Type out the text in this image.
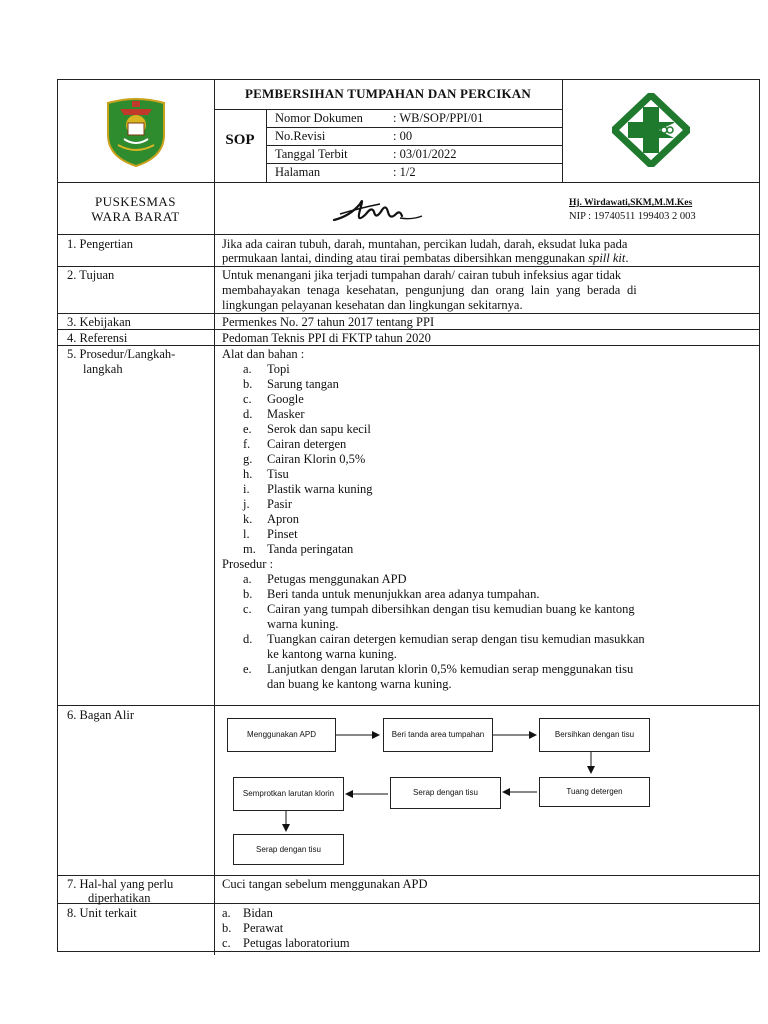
PEMBERSIHAN TUMPAHAN DAN PERCIKAN
SOP
Nomor Dokumen : WB/SOP/PPI/01
No.Revisi	: 00
Tanggal Terbit	: 03/01/2022
Halaman	: 1/2
PUSKESMAS
WARA BARAT
Hj. Wirdawati,SKM,M.M.Kes
NIP : 19740511 199403 2 003
1. Pengertian	Jika ada cairan tubuh, darah, muntahan, percikan ludah, darah, eksudat luka pada
permukaan lantai, dinding atau tirai pembatas dibersihkan menggunakan spill kit.
2. Tujuan	Untuk menangani jika terjadi tumpahan darah/ cairan tubuh infeksius agar tidak
membahayakan tenaga kesehatan, pengunjung dan orang lain yang berada di
lingkungan pelayanan kesehatan dan lingkungan sekitarnya.
3. Kebijakan	Permenkes No. 27 tahun 2017 tentang PPI
4. Referensi	Pedoman Teknis PPI di FKTP tahun 2020
5. Prosedur/Langkah-
langkah
Alat dan bahan :
a. Topi
b. Sarung tangan
c. Google
d. Masker
e. Serok dan sapu kecil
f. Cairan detergen
g. Cairan Klorin 0,5%
h. Tisu
i. Plastik warna kuning
j. Pasir
k. Apron
l. Pinset
m. Tanda peringatan
Prosedur :
a. Petugas menggunakan APD
b. Beri tanda untuk menunjukkan area adanya tumpahan.
c. Cairan yang tumpah dibersihkan dengan tisu kemudian buang ke kantong
warna kuning.
d. Tuangkan cairan detergen kemudian serap dengan tisu kemudian masukkan
ke kantong warna kuning.
e. Lanjutkan dengan larutan klorin 0,5% kemudian serap menggunakan tisu
dan buang ke kantong warna kuning.
6. Bagan Alir
Menggunakan APD	Beri tanda area tumpahan	Bersihkan dengan tisu
Tuang detergen
Serap dengan tisu
Semprotkan larutan klorin
Serap dengan tisu
7. Hal-hal yang perlu
diperhatikan
Cuci tangan sebelum menggunakan APD
8. Unit terkait	a. Bidan
b. Perawat
c. Petugas laboratorium
